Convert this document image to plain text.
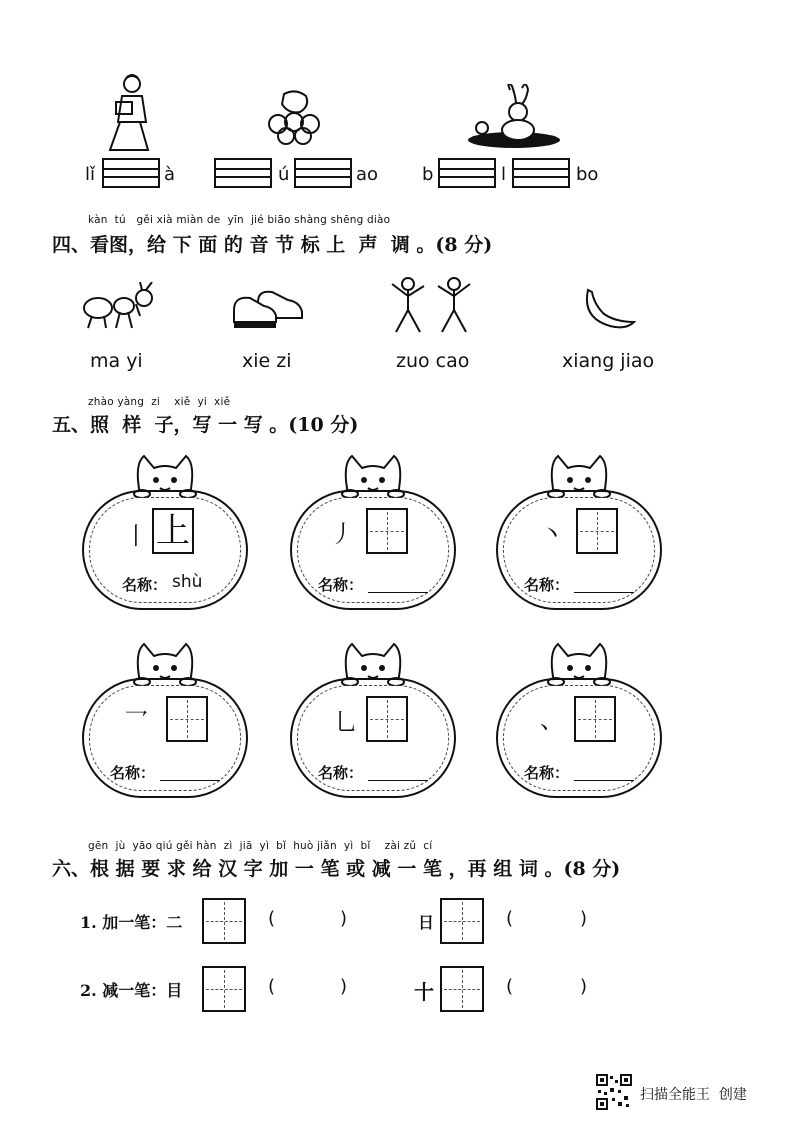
lǐ	à	ú	ao b	l	bo
kàn  tú   gěi xià miàn de  yīn  jié biāo shàng shēng diào
四、看图，给 下 面 的 音 节 标 上  声  调 。(8 分)
ma yi	xie zi	zuo cao	xiang jiao
zhào yàng  zi    xiě  yi  xiě
五、照  样  子，写 一 写 。(10 分)
丨 上
名称： shù
丿
名称：
丶
名称：
乛
名称：
乚
名称：
、
名称：
gēn  jù  yāo qiú gěi hàn  zì  jiā  yì  bǐ  huò jiǎn  yì  bǐ    zài zǔ  cí
六、根 据 要 求 给 汉 字 加 一 笔 或 减 一 笔 ，再 组 词 。(8 分)
1. 加一笔：二	(	)	日	(	)
2. 减一笔：目	(	)	十	(	)
扫描全能王  创建
